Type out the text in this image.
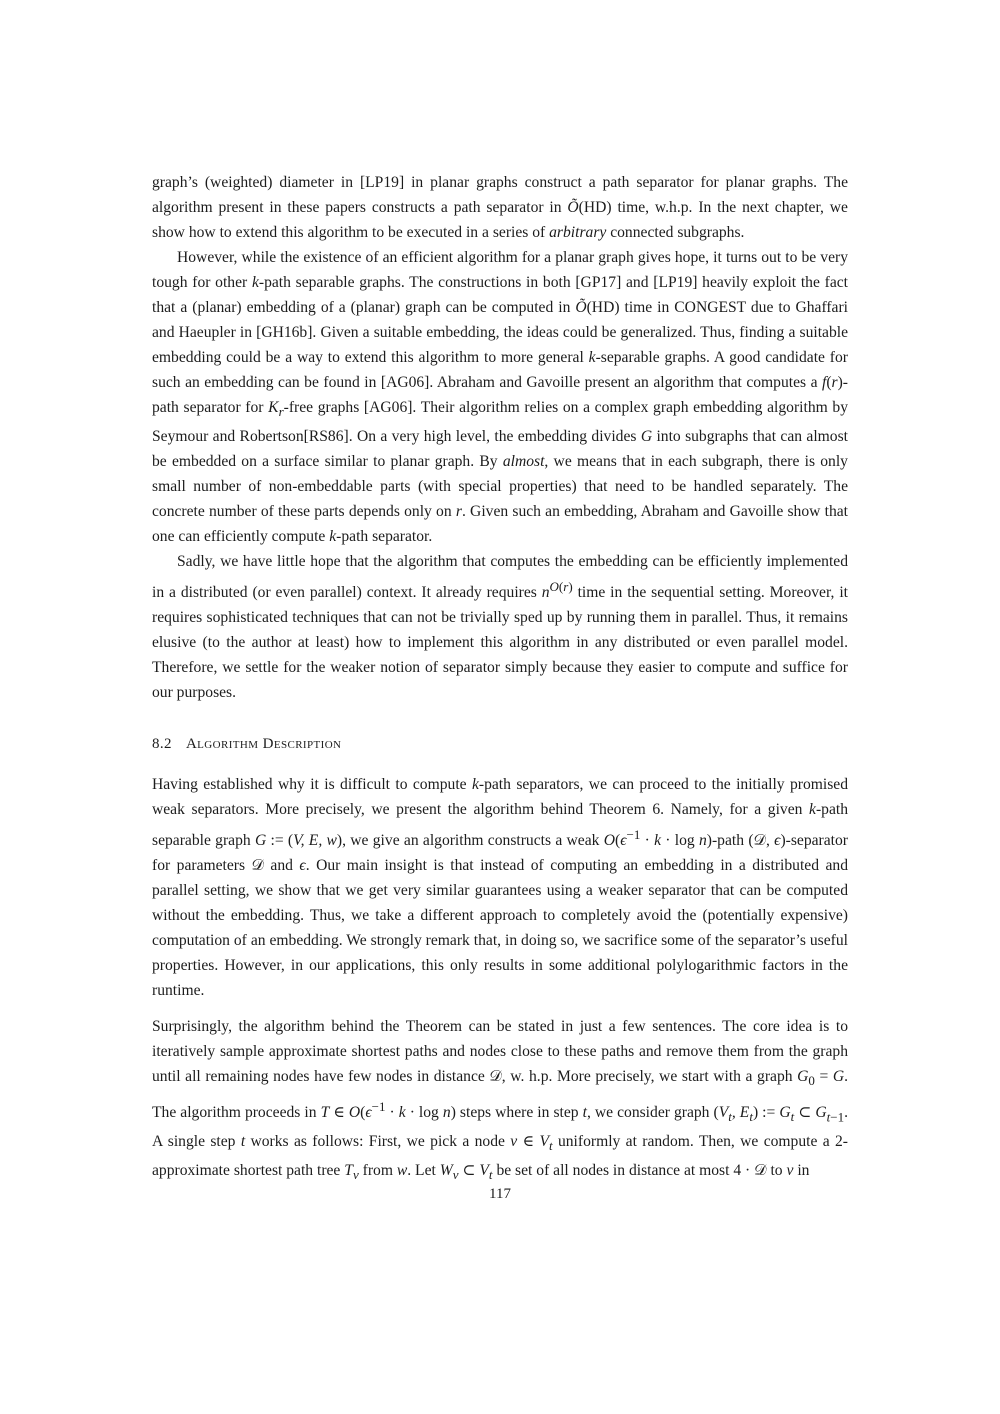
graph’s (weighted) diameter in [LP19] in planar graphs construct a path separator for planar graphs. The algorithm present in these papers constructs a path separator in Õ(HD) time, w.h.p. In the next chapter, we show how to extend this algorithm to be executed in a series of arbitrary connected subgraphs.

However, while the existence of an efficient algorithm for a planar graph gives hope, it turns out to be very tough for other k-path separable graphs. The constructions in both [GP17] and [LP19] heavily exploit the fact that a (planar) embedding of a (planar) graph can be computed in Õ(HD) time in CONGEST due to Ghaffari and Haeupler in [GH16b]. Given a suitable embedding, the ideas could be generalized. Thus, finding a suitable embedding could be a way to extend this algorithm to more general k-separable graphs. A good candidate for such an embedding can be found in [AG06]. Abraham and Gavoille present an algorithm that computes a f(r)-path separator for $K_r$-free graphs [AG06]. Their algorithm relies on a complex graph embedding algorithm by Seymour and Robertson[RS86]. On a very high level, the embedding divides G into subgraphs that can almost be embedded on a surface similar to planar graph. By almost, we means that in each subgraph, there is only small number of non-embeddable parts (with special properties) that need to be handled separately. The concrete number of these parts depends only on r. Given such an embedding, Abraham and Gavoille show that one can efficiently compute k-path separator.

Sadly, we have little hope that the algorithm that computes the embedding can be efficiently implemented in a distributed (or even parallel) context. It already requires $n^{O(r)}$ time in the sequential setting. Moreover, it requires sophisticated techniques that can not be trivially sped up by running them in parallel. Thus, it remains elusive (to the author at least) how to implement this algorithm in any distributed or even parallel model. Therefore, we settle for the weaker notion of separator simply because they easier to compute and suffice for our purposes.

8.2 Algorithm Description

Having established why it is difficult to compute k-path separators, we can proceed to the initially promised weak separators. More precisely, we present the algorithm behind Theorem 6. Namely, for a given k-path separable graph G := (V, E, w), we give an algorithm constructs a weak $O(\epsilon^{-1} \cdot k \cdot \log$ n)-path (𝒟, ϵ)-separator for parameters 𝒟 and ϵ. Our main insight is that instead of computing an embedding in a distributed and parallel setting, we show that we get very similar guarantees using a weaker separator that can be computed without the embedding. Thus, we take a different approach to completely avoid the (potentially expensive) computation of an embedding. We strongly remark that, in doing so, we sacrifice some of the separator’s useful properties. However, in our applications, this only results in some additional polylogarithmic factors in the runtime.

Surprisingly, the algorithm behind the Theorem can be stated in just a few sentences. The core idea is to iteratively sample approximate shortest paths and nodes close to these paths and remove them from the graph until all remaining nodes have few nodes in distance 𝒟, w. h.p. More precisely, we start with a graph $G_0 = G$. The algorithm proceeds in T ∈ $O(\epsilon^{-1} \cdot k \cdot \log n)$ steps where in step t, we consider graph ($V_t$, $E_t$) := $G_t$ ⊂ $G_{t-1}$. A single step t works as follows: First, we pick a node v ∈ $V_t$ uniformly at random. Then, we compute a 2-approximate shortest path tree $T_v$ from w. Let $W_v$ ⊂ $V_t$ be set of all nodes in distance at most 4 · 𝒟 to v in

117
